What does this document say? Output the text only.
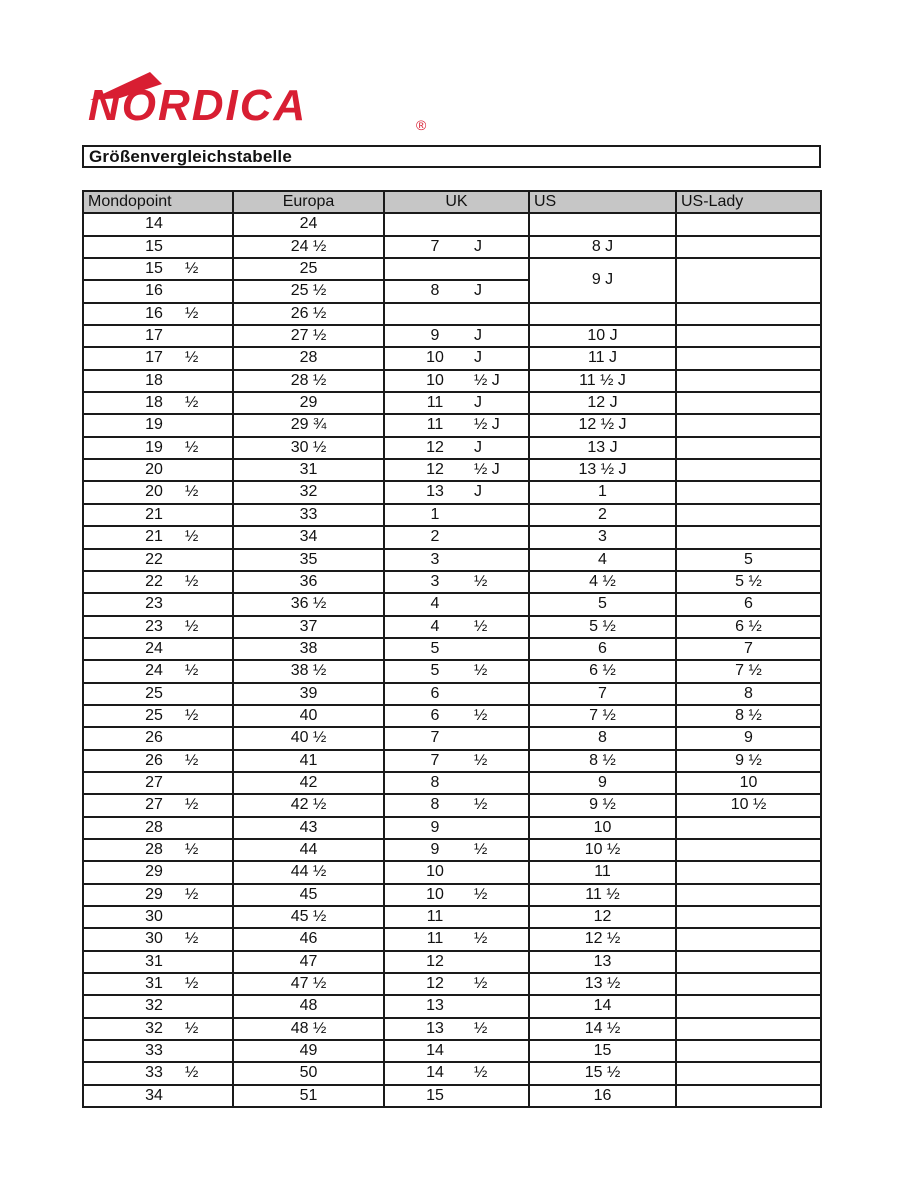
NORDICA	®
Größenvergleichstabelle
Mondopoint	Europa	UK	US	US-Lady

14	24	

15	24 ½	7 J	8 J	

15 ½	25		9 J	

16	25 ½	8 J		

16 ½	26 ½	

17	27 ½	9 J	10 J	

17 ½	28	10 J	11 J	

18	28 ½	10 ½ J	11 ½ J	

18 ½	29	11 J	12 J	

19	29 ¾	11 ½ J	12 ½ J	

19 ½	30 ½	12 J	13 J	

20	31	12 ½ J	13 ½ J	

20 ½	32	13 J	1	

21	33	1	2	

21 ½	34	2	3	

22	35	3	4	5

22 ½	36	3 ½	4 ½	5 ½

23	36 ½	4	5	6

23 ½	37	4 ½	5 ½	6 ½

24	38	5	6	7

24 ½	38 ½	5 ½	6 ½	7 ½

25	39	6	7	8

25 ½	40	6 ½	7 ½	8 ½

26	40 ½	7	8	9

26 ½	41	7 ½	8 ½	9 ½

27	42	8	9	10

27 ½	42 ½	8 ½	9 ½	10 ½

28	43	9	10	

28 ½	44	9 ½	10 ½	

29	44 ½	10	11	

29 ½	45	10 ½	11 ½	

30	45 ½	11	12	

30 ½	46	11 ½	12 ½	

31	47	12	13	

31 ½	47 ½	12 ½	13 ½	

32	48	13	14	

32 ½	48 ½	13 ½	14 ½	

33	49	14	15	

33 ½	50	14 ½	15 ½	

34	51	15	16	
